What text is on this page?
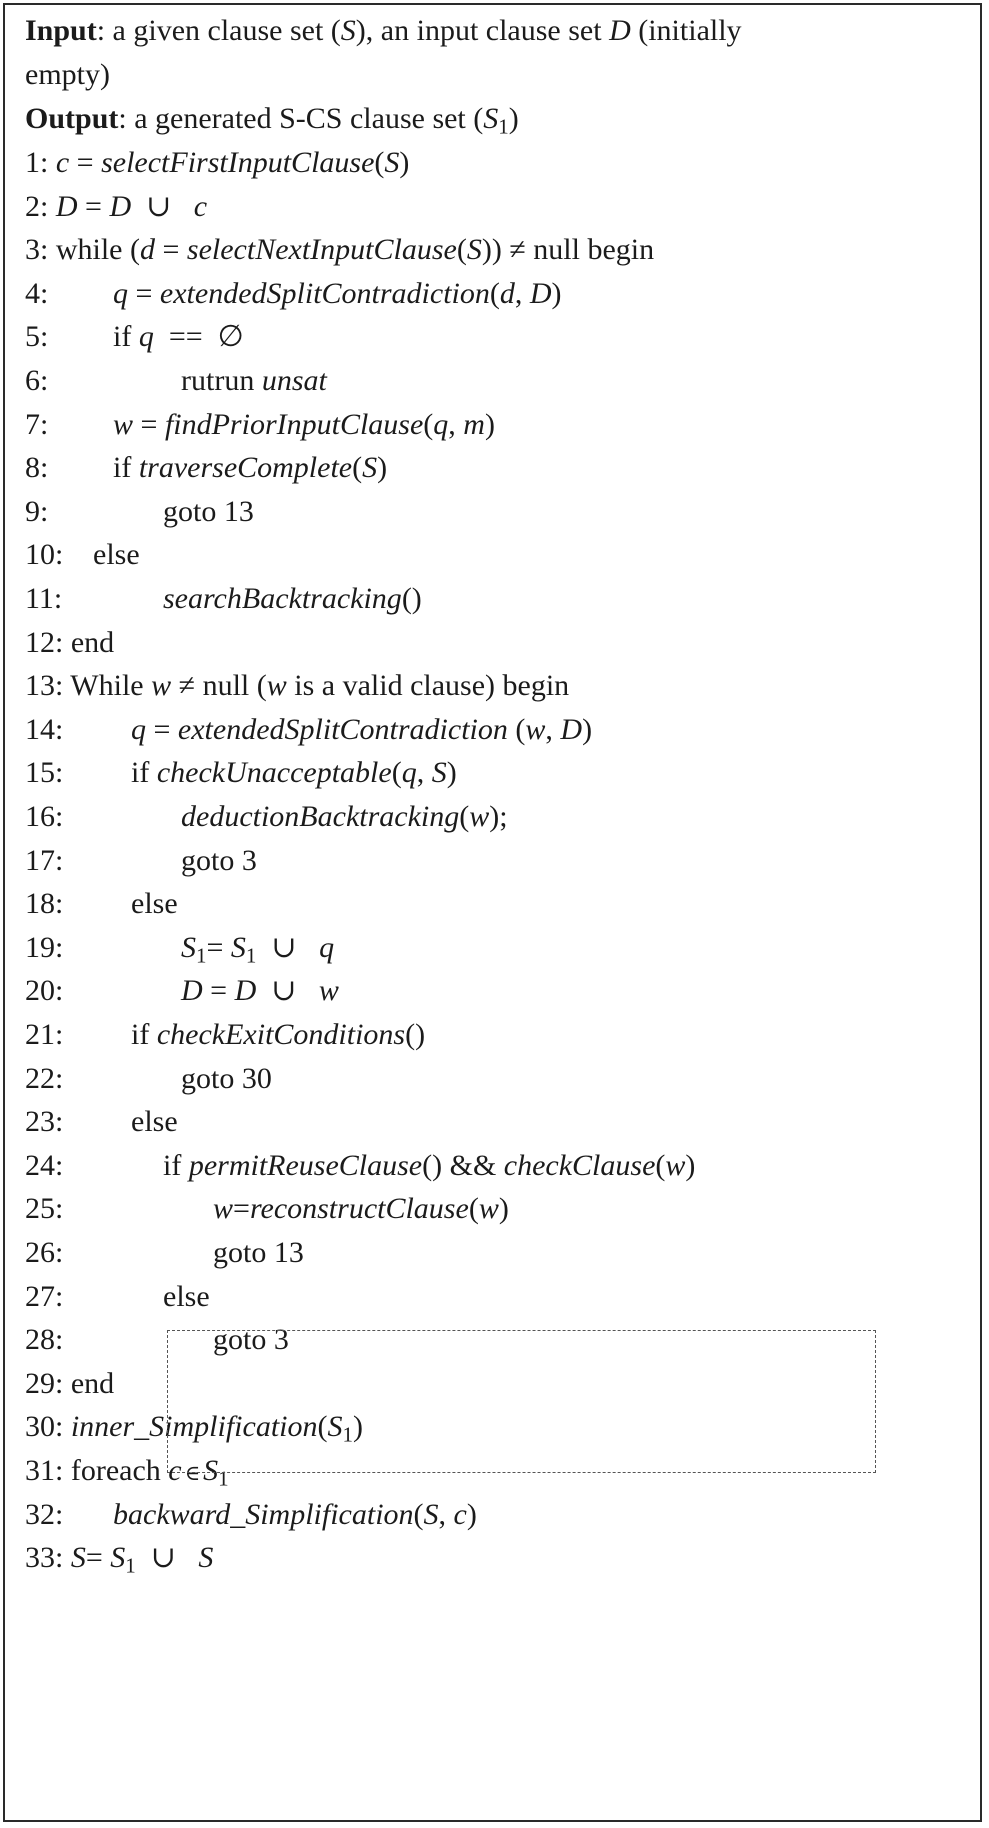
Input: a given clause set (S), an input clause set D (initially
empty)
Output: a generated S-CS clause set $(S_1)$
1: c = selectFirstInputClause(S)
2: D = D  ∪   c
3: while (d = selectNextInputClause(S)) ≠ null begin
4: q = extendedSplitContradiction(d, D)
5: if q  ==  ∅
6:	rutrun unsat
7: w = findPriorInputClause(q, m)
8: if traverseComplete(S)
9:	goto 13
10: else
11:	searchBacktracking()
12: end
13: While w ≠ null (w is a valid clause) begin
14: q = extendedSplitContradiction (w, D)
15: if checkUnacceptable(q, S)
16:	deductionBacktracking(w);
17:	goto 3
18: else
19:	$S_1= S_1$  ∪   q
20:	D = D  ∪   w
21: if checkExitConditions()
22:	goto 30
23: else
24:	if permitReuseClause() && checkClause(w)
25:	w=reconstructClause(w)
26:	goto 13
27:	else
28:	goto 3
29: end
30: $inner\_Simplification(S_1)$
31: foreach c ∈ $S_1$
32: backward_Simplification(S, c)
33: $S= S_1$  ∪   S
